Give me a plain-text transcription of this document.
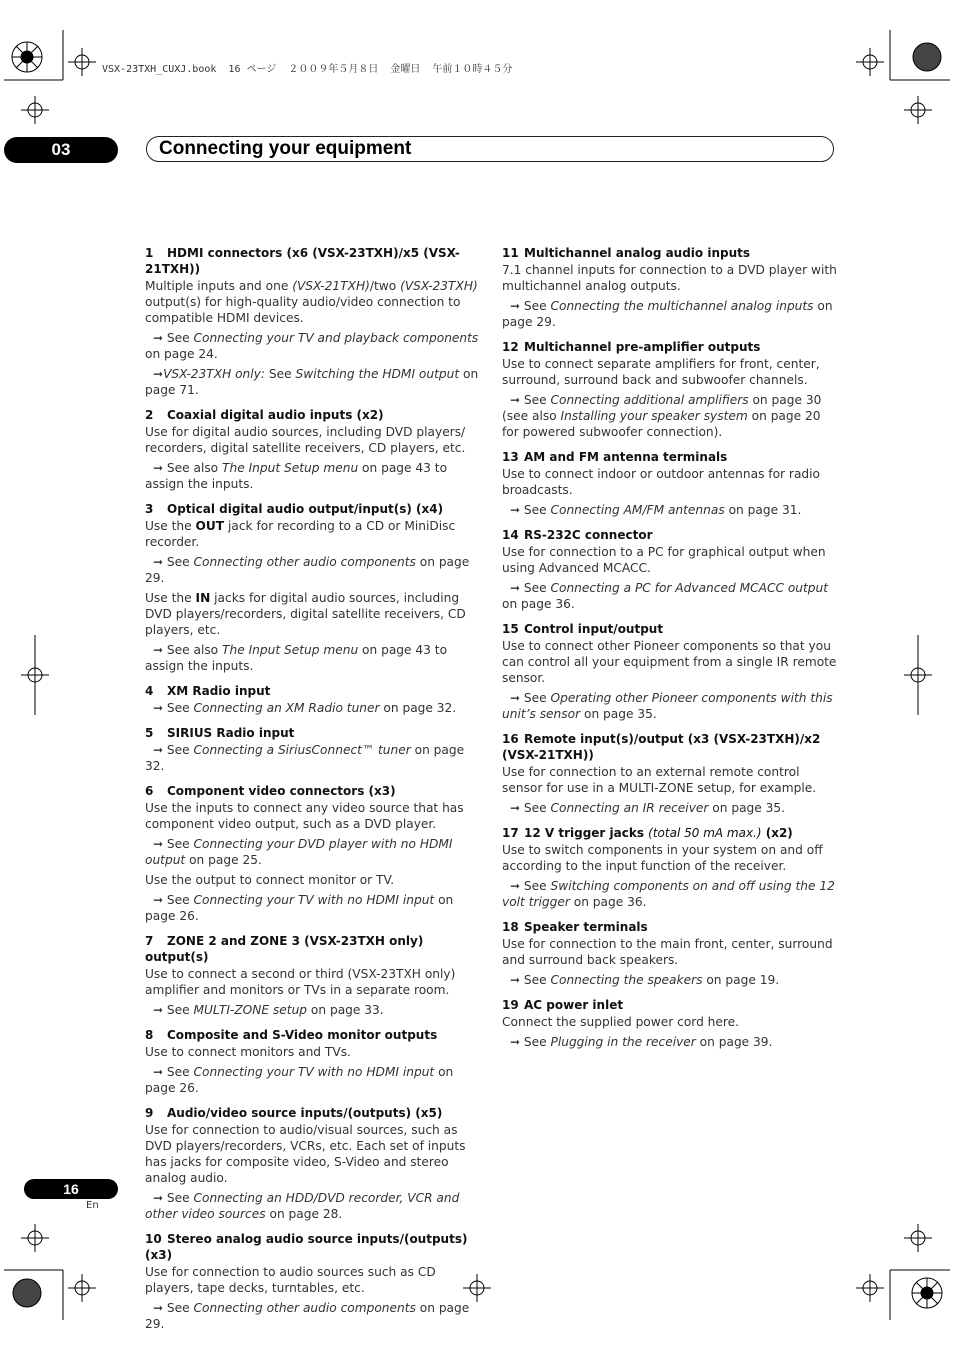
VSX-23TXH_CUXJ.book  16 ページ  ２００９年５月８日  金曜日  午前１０時４５分
03	Connecting your equipment
1 HDMI connectors (x6 (VSX-23TXH)/x5 (VSX-21TXH))
Multiple inputs and one (VSX-21TXH)/two (VSX-23TXH) output(s) for high-quality audio/video connection to compatible HDMI devices.
➞ See Connecting your TV and playback components on page 24.
➞VSX-23TXH only: See Switching the HDMI output on page 71.
2 Coaxial digital audio inputs (x2)
Use for digital audio sources, including DVD players/ recorders, digital satellite receivers, CD players, etc.
➞ See also The Input Setup menu on page 43 to assign the inputs.
3 Optical digital audio output/input(s) (x4)
Use the OUT jack for recording to a CD or MiniDisc recorder.
➞ See Connecting other audio components on page 29.
Use the IN jacks for digital audio sources, including DVD players/recorders, digital satellite receivers, CD players, etc.
➞ See also The Input Setup menu on page 43 to assign the inputs.
4 XM Radio input
➞ See Connecting an XM Radio tuner on page 32.
5 SIRIUS Radio input
➞ See Connecting a SiriusConnect™ tuner on page 32.
6 Component video connectors (x3)
Use the inputs to connect any video source that has component video output, such as a DVD player.
➞ See Connecting your DVD player with no HDMI output on page 25.
Use the output to connect monitor or TV.
➞ See Connecting your TV with no HDMI input on page 26.
7 ZONE 2 and ZONE 3 (VSX-23TXH only) output(s)
Use to connect a second or third (VSX-23TXH only) amplifier and monitors or TVs in a separate room.
➞ See MULTI-ZONE setup on page 33.
8 Composite and S-Video monitor outputs
Use to connect monitors and TVs.
➞ See Connecting your TV with no HDMI input on page 26.
9 Audio/video source inputs/(outputs) (x5)
Use for connection to audio/visual sources, such as DVD players/recorders, VCRs, etc. Each set of inputs has jacks for composite video, S-Video and stereo analog audio.
➞ See Connecting an HDD/DVD recorder, VCR and other video sources on page 28.
10 Stereo analog audio source inputs/(outputs) (x3)
Use for connection to audio sources such as CD players, tape decks, turntables, etc.
➞ See Connecting other audio components on page 29.
11 Multichannel analog audio inputs
7.1 channel inputs for connection to a DVD player with multichannel analog outputs.
➞ See Connecting the multichannel analog inputs on page 29.
12 Multichannel pre-amplifier outputs
Use to connect separate amplifiers for front, center, surround, surround back and subwoofer channels.
➞ See Connecting additional amplifiers on page 30 (see also Installing your speaker system on page 20 for powered subwoofer connection).
13 AM and FM antenna terminals
Use to connect indoor or outdoor antennas for radio broadcasts.
➞ See Connecting AM/FM antennas on page 31.
14 RS-232C connector
Use for connection to a PC for graphical output when using Advanced MCACC.
➞ See Connecting a PC for Advanced MCACC output on page 36.
15 Control input/output
Use to connect other Pioneer components so that you can control all your equipment from a single IR remote sensor.
➞ See Operating other Pioneer components with this unit’s sensor on page 35.
16 Remote input(s)/output (x3 (VSX-23TXH)/x2 (VSX-21TXH))
Use for connection to an external remote control sensor for use in a MULTI-ZONE setup, for example.
➞ See Connecting an IR receiver on page 35.
17 12 V trigger jacks (total 50 mA max.) (x2)
Use to switch components in your system on and off according to the input function of the receiver.
➞ See Switching components on and off using the 12 volt trigger on page 36.
18 Speaker terminals
Use for connection to the main front, center, surround and surround back speakers.
➞ See Connecting the speakers on page 19.
19 AC power inlet
Connect the supplied power cord here.
➞ See Plugging in the receiver on page 39.
16
En
